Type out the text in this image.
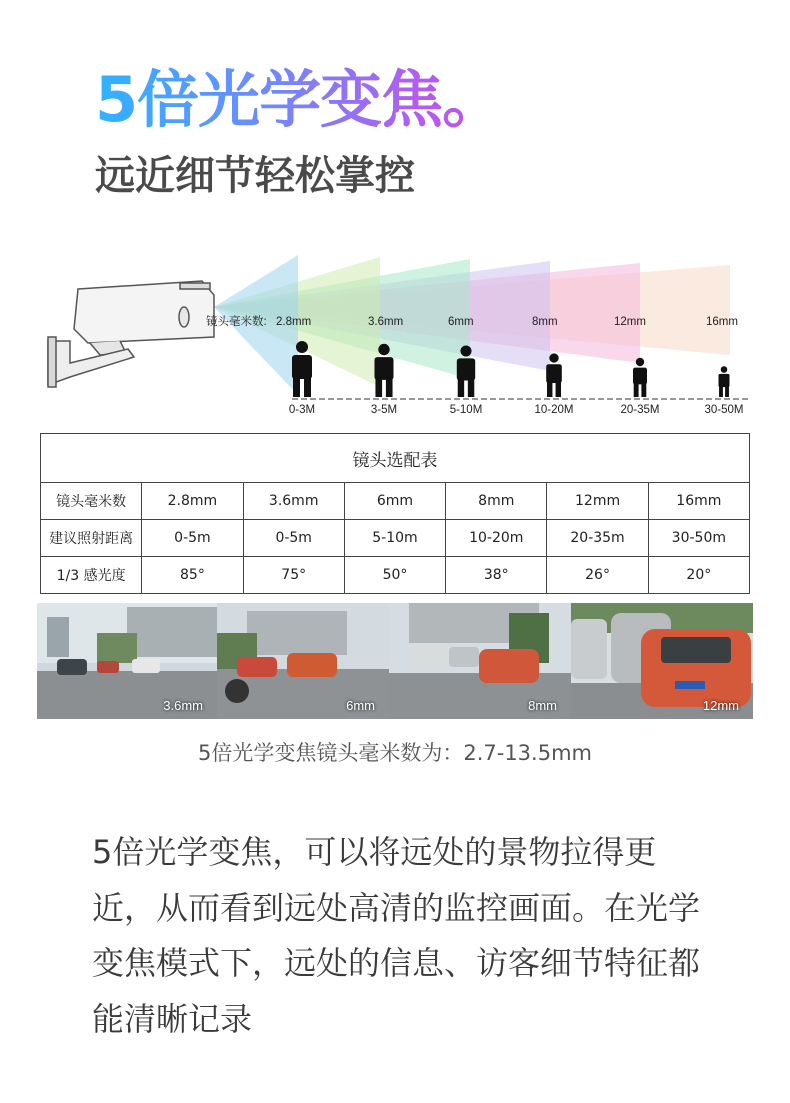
5倍光学变焦。
远近细节轻松掌控
镜头毫米数: 2.8mm	3.6mm	6mm	8mm	12mm	16mm
0-3M	3-5M	5-10M	10-20M	20-35M	30-50M
镜头选配表						
镜头毫米数	2.8mm	3.6mm	6mm	8mm	12mm	16mm
建议照射距离	0-5m	0-5m	5-10m	10-20m	20-35m	30-50m
1/3 感光度	85°	75°	50°	38°	26°	20°
3.6mm	6mm	8mm	12mm

5倍光学变焦镜头毫米数为：2.7-13.5mm

5倍光学变焦，可以将远处的景物拉得更近，从而看到远处高清的监控画面。在光学变焦模式下，远处的信息、访客细节特征都能清晰记录
